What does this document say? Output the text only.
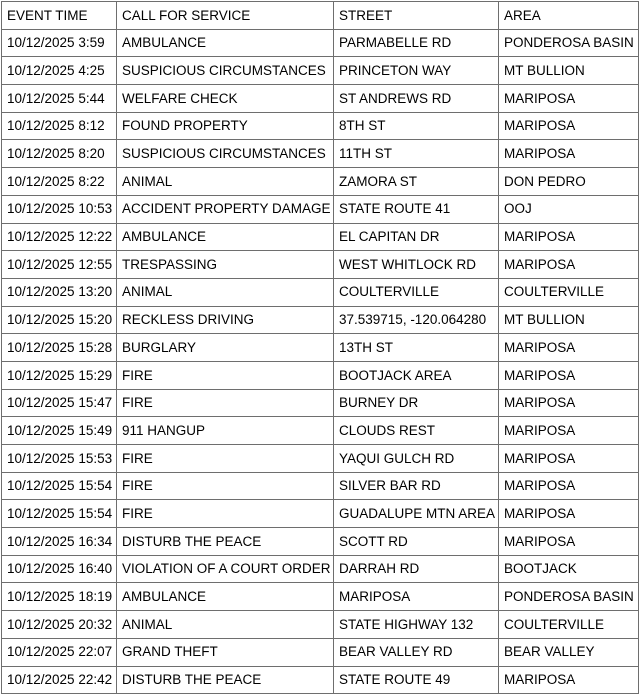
EVENT TIME	CALL FOR SERVICE	STREET	AREA
10/12/2025 3:59	AMBULANCE	PARMABELLE RD	PONDEROSA BASIN
10/12/2025 4:25	SUSPICIOUS CIRCUMSTANCES	PRINCETON WAY	MT BULLION
10/12/2025 5:44	WELFARE CHECK	ST ANDREWS RD	MARIPOSA
10/12/2025 8:12	FOUND PROPERTY	8TH ST	MARIPOSA
10/12/2025 8:20	SUSPICIOUS CIRCUMSTANCES	11TH ST	MARIPOSA
10/12/2025 8:22	ANIMAL	ZAMORA ST	DON PEDRO
10/12/2025 10:53	ACCIDENT PROPERTY DAMAGE	STATE ROUTE 41	OOJ
10/12/2025 12:22	AMBULANCE	EL CAPITAN DR	MARIPOSA
10/12/2025 12:55	TRESPASSING	WEST WHITLOCK RD	MARIPOSA
10/12/2025 13:20	ANIMAL	COULTERVILLE	COULTERVILLE
10/12/2025 15:20	RECKLESS DRIVING	37.539715, -120.064280	MT BULLION
10/12/2025 15:28	BURGLARY	13TH ST	MARIPOSA
10/12/2025 15:29	FIRE	BOOTJACK AREA	MARIPOSA
10/12/2025 15:47	FIRE	BURNEY DR	MARIPOSA
10/12/2025 15:49	911 HANGUP	CLOUDS REST	MARIPOSA
10/12/2025 15:53	FIRE	YAQUI GULCH RD	MARIPOSA
10/12/2025 15:54	FIRE	SILVER BAR RD	MARIPOSA
10/12/2025 15:54	FIRE	GUADALUPE MTN AREA	MARIPOSA
10/12/2025 16:34	DISTURB THE PEACE	SCOTT RD	MARIPOSA
10/12/2025 16:40	VIOLATION OF A COURT ORDER	DARRAH RD	BOOTJACK
10/12/2025 18:19	AMBULANCE	MARIPOSA	PONDEROSA BASIN
10/12/2025 20:32	ANIMAL	STATE HIGHWAY 132	COULTERVILLE
10/12/2025 22:07	GRAND THEFT	BEAR VALLEY RD	BEAR VALLEY
10/12/2025 22:42	DISTURB THE PEACE	STATE ROUTE 49	MARIPOSA
